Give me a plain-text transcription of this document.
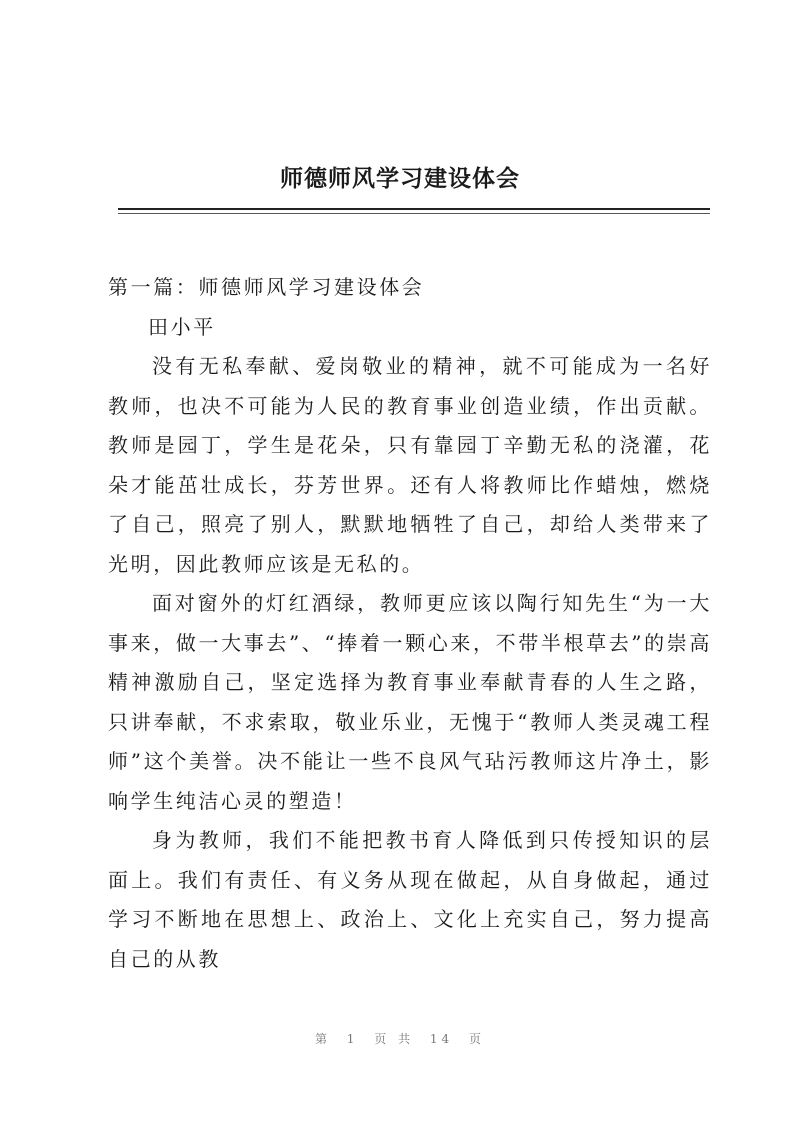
师德师风学习建设体会

第一篇：师德师风学习建设体会

田小平

没有无私奉献、爱岗敬业的精神，就不可能成为一名好教师，也决不可能为人民的教育事业创造业绩，作出贡献。教师是园丁，学生是花朵，只有靠园丁辛勤无私的浇灌，花朵才能茁壮成长，芬芳世界。还有人将教师比作蜡烛，燃烧了自己，照亮了别人，默默地牺牲了自己，却给人类带来了光明，因此教师应该是无私的。

面对窗外的灯红酒绿，教师更应该以陶行知先生“为一大事来，做一大事去”、“捧着一颗心来，不带半根草去”的崇高精神激励自己，坚定选择为教育事业奉献青春的人生之路，只讲奉献，不求索取，敬业乐业，无愧于“教师人类灵魂工程师”这个美誉。决不能让一些不良风气玷污教师这片净土，影响学生纯洁心灵的塑造！

身为教师，我们不能把教书育人降低到只传授知识的层面上。我们有责任、有义务从现在做起，从自身做起，通过学习不断地在思想上、政治上、文化上充实自己，努力提高自己的从教

第 1 页 共 14 页
